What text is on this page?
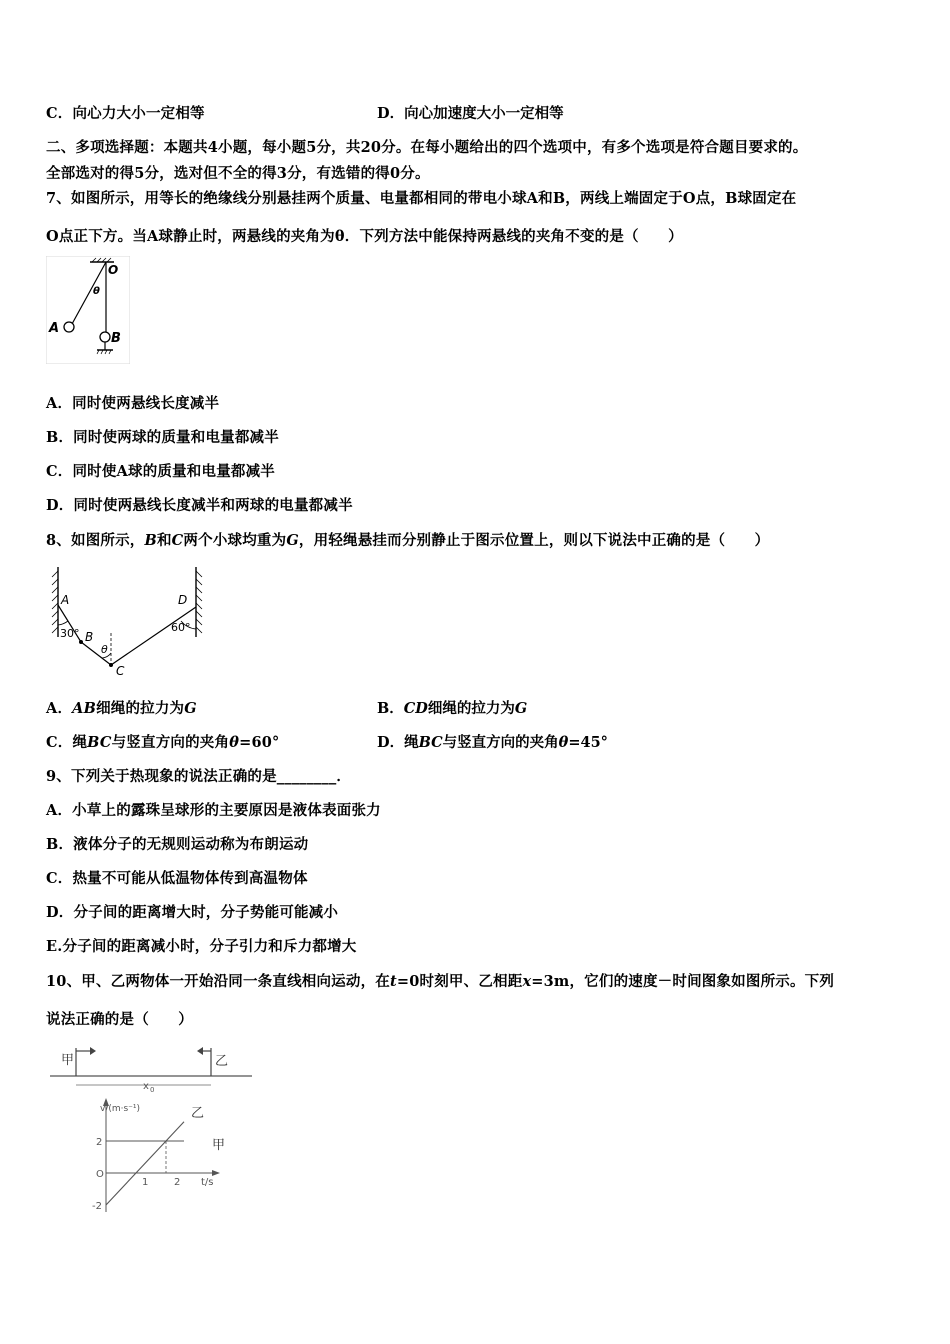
C．向心力大小一定相等	D．向心加速度大小一定相等
二、多项选择题：本题共4小题，每小题5分，共20分。在每小题给出的四个选项中，有多个选项是符合题目要求的。
全部选对的得5分，选对但不全的得3分，有选错的得0分。
7、如图所示，用等长的绝缘线分别悬挂两个质量、电量都相同的带电小球A和B，两线上端固定于O点，B球固定在
O点正下方。当A球静止时，两悬线的夹角为θ．下列方法中能保持两悬线的夹角不变的是（　　）
O
θ
A
B
A．同时使两悬线长度减半
B．同时使两球的质量和电量都减半
C．同时使A球的质量和电量都减半
D．同时使两悬线长度减半和两球的电量都减半
8、如图所示，B和C两个小球均重为G，用轻绳悬挂而分别静止于图示位置上，则以下说法中正确的是（　　）
A
B
C
D
30°	60°
θ
A．AB细绳的拉力为G	B．CD细绳的拉力为G
C．绳BC与竖直方向的夹角θ=60°	D．绳BC与竖直方向的夹角θ=45°
9、下列关于热现象的说法正确的是________．
A．小草上的露珠呈球形的主要原因是液体表面张力
B．液体分子的无规则运动称为布朗运动
C．热量不可能从低温物体传到高温物体
D．分子间的距离增大时，分子势能可能减小
E.分子间的距离减小时，分子引力和斥力都增大
10、甲、乙两物体一开始沿同一条直线相向运动，在t=0时刻甲、乙相距x=3m，它们的速度－时间图象如图所示。下列
说法正确的是（　　）
甲	乙
x 0
v/(m·s⁻¹)
t/s
2
O
-2
1	2
甲
乙
